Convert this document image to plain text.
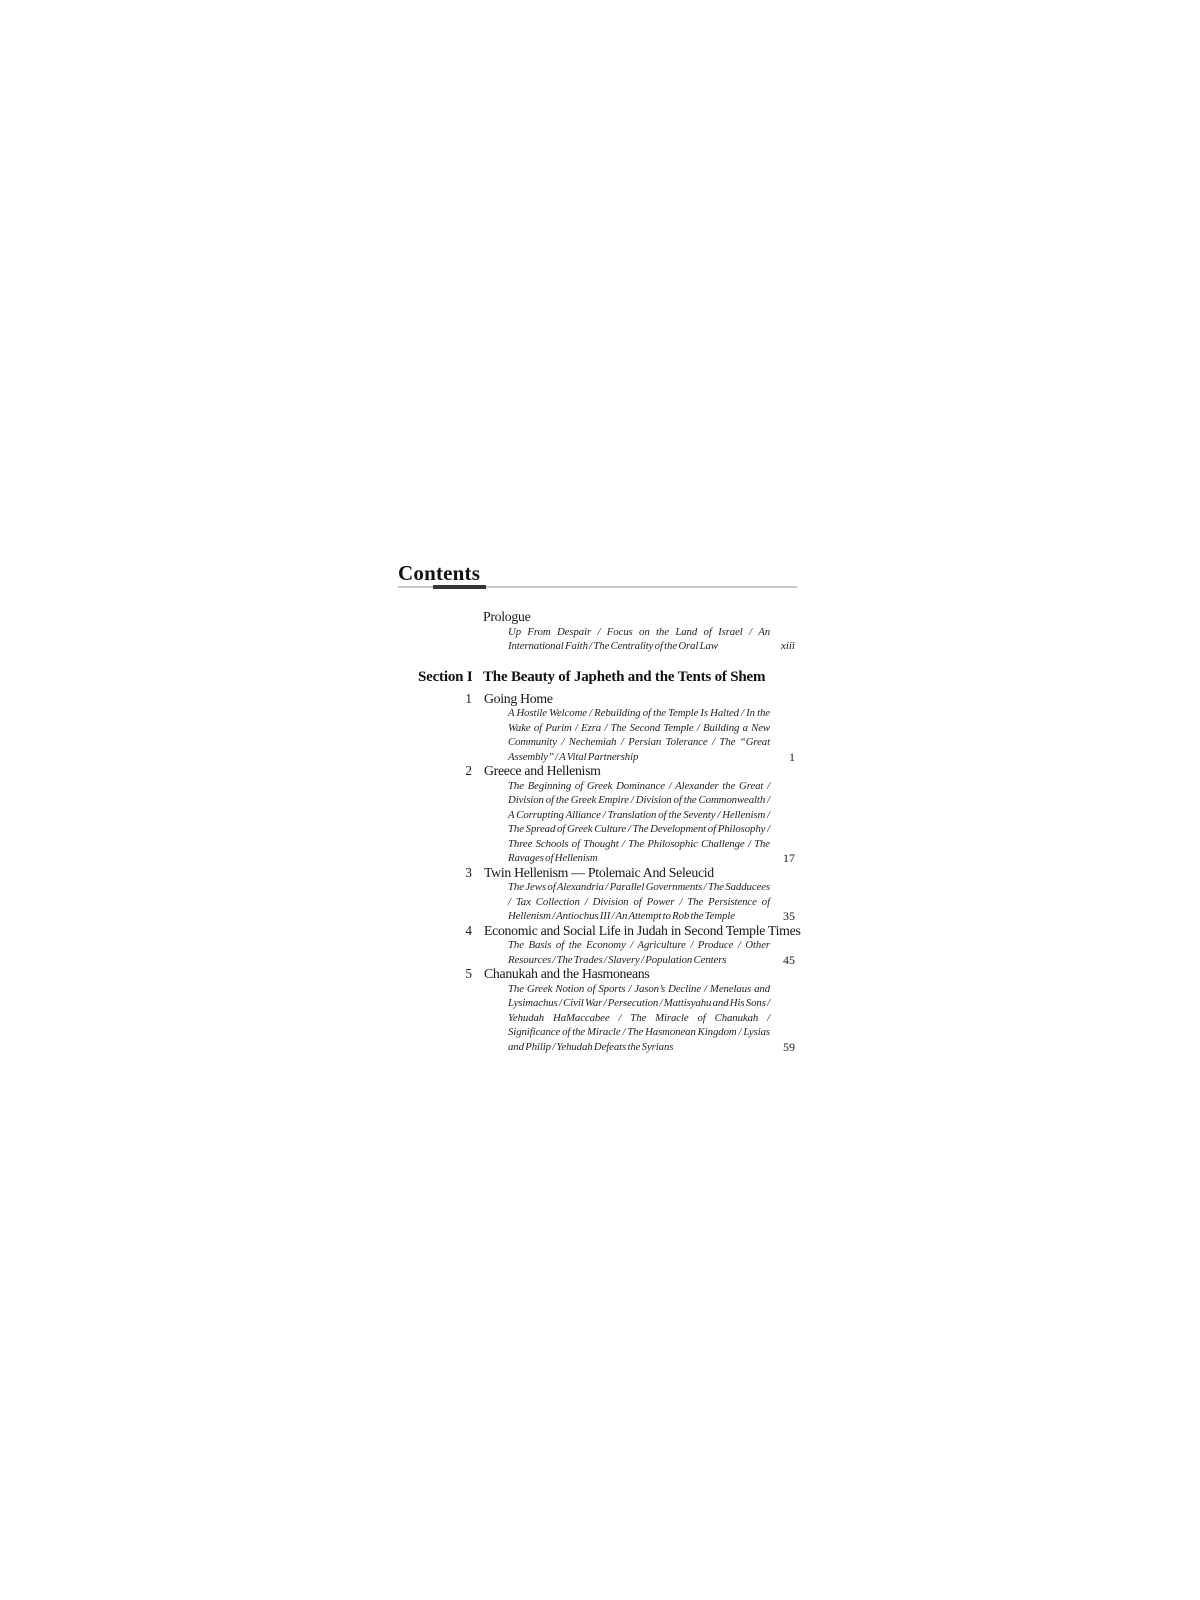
Contents
Prologue
Up From Despair / Focus on the Land of Israel / An International Faith / The Centrality of the Oral Law	xiii
Section I The Beauty of Japheth and the Tents of Shem
1 Going Home
A Hostile Welcome / Rebuilding of the Temple Is Halted / In the Wake of Purim / Ezra / The Second Temple / Building a New Community / Nechemiah / Persian Tolerance / The “Great Assembly” / A Vital Partnership	1
2 Greece and Hellenism
The Beginning of Greek Dominance / Alexander the Great / Division of the Greek Empire / Division of the Commonwealth / A Corrupting Alliance / Translation of the Seventy / Hellenism / The Spread of Greek Culture / The Development of Philosophy / Three Schools of Thought / The Philosophic Challenge / The Ravages of Hellenism	17
3 Twin Hellenism — Ptolemaic And Seleucid
The Jews of Alexandria / Parallel Governments / The Sadducees / Tax Collection / Division of Power / The Persistence of Hellenism / Antiochus III / An Attempt to Rob the Temple	35
4 Economic and Social Life in Judah in Second Temple Times
The Basis of the Economy / Agriculture / Produce / Other Resources / The Trades / Slavery / Population Centers	45
5 Chanukah and the Hasmoneans
The Greek Notion of Sports / Jason’s Decline / Menelaus and Lysimachus / Civil War / Persecution / Mattisyahu and His Sons / Yehudah HaMaccabee / The Miracle of Chanukah / Significance of the Miracle / The Hasmonean Kingdom / Lysias and Philip / Yehudah Defeats the Syrians	59
